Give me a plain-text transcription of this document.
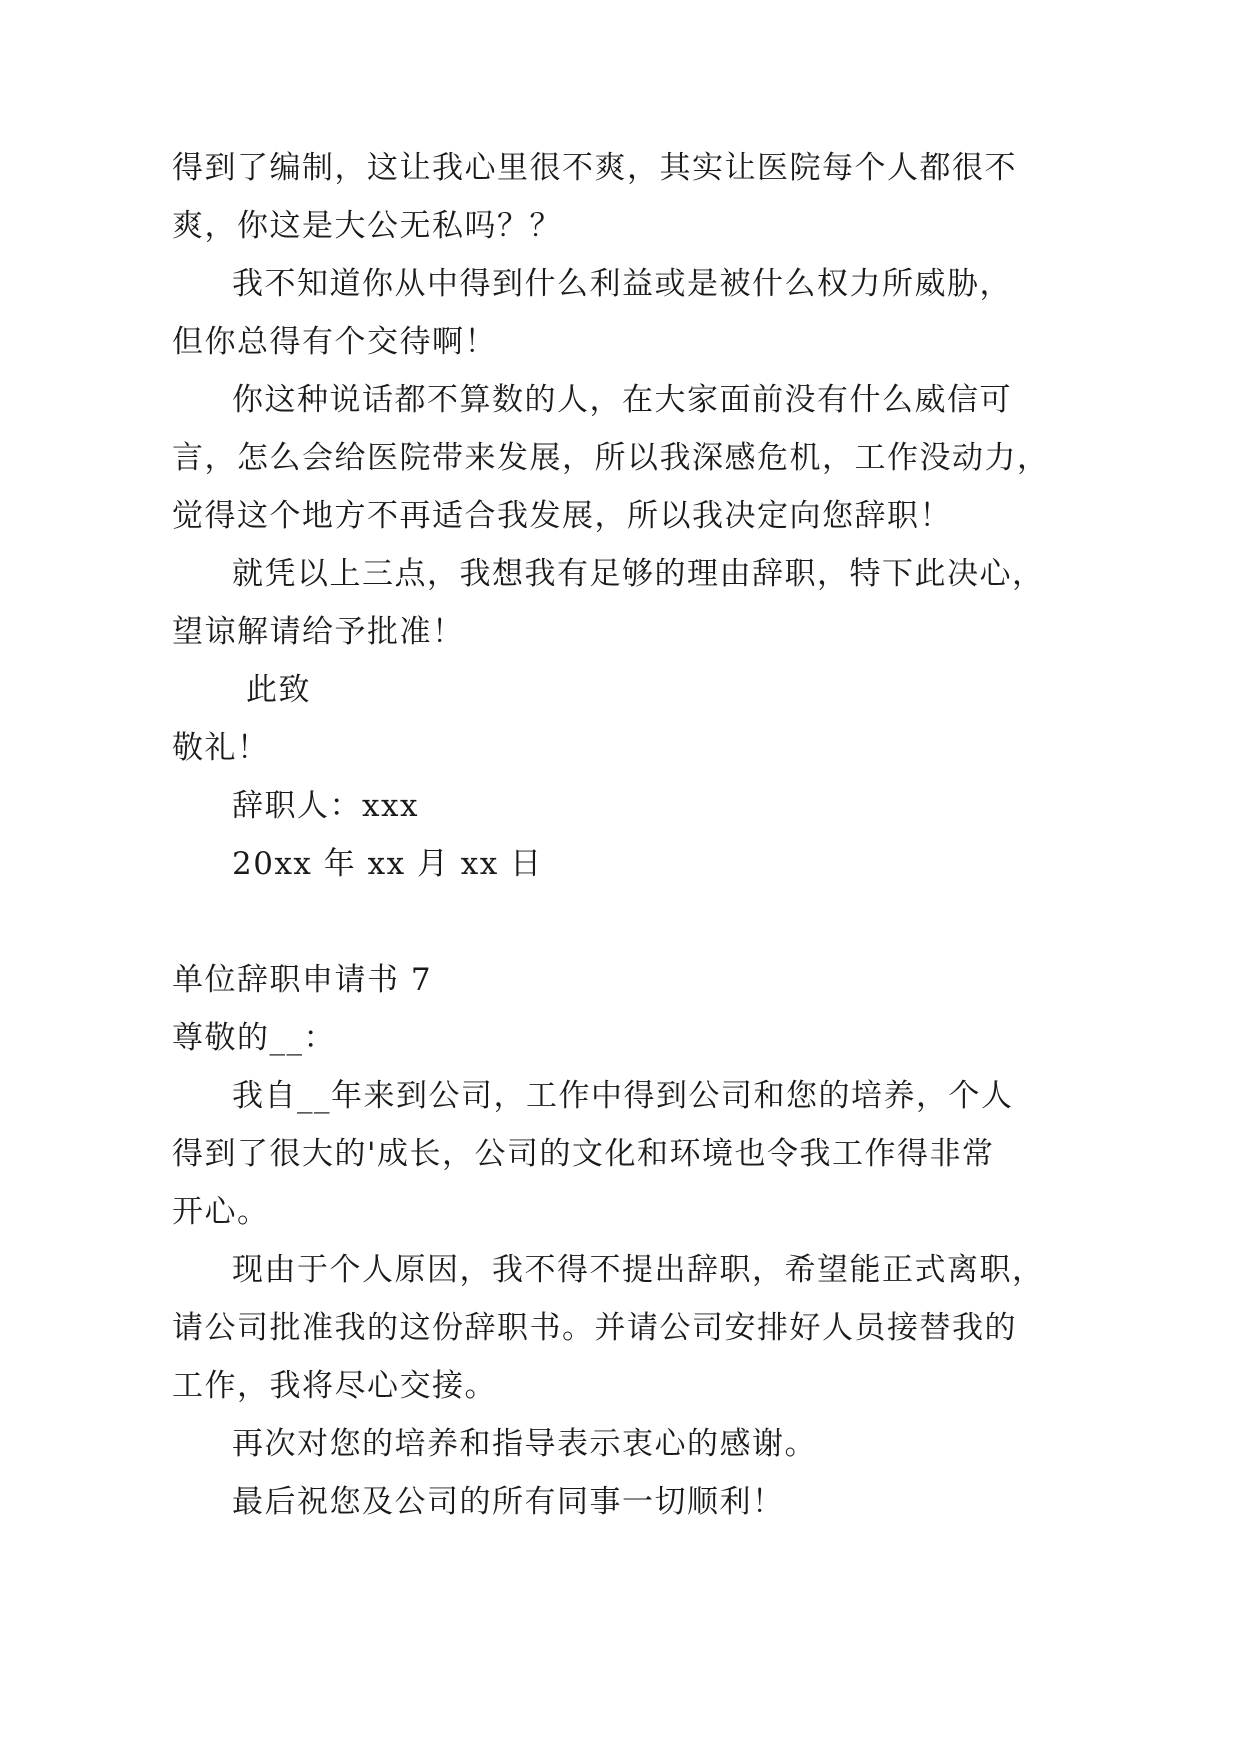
得到了编制，这让我心里很不爽，其实让医院每个人都很不
爽，你这是大公无私吗？？
我不知道你从中得到什么利益或是被什么权力所威胁，
但你总得有个交待啊！
你这种说话都不算数的人，在大家面前没有什么威信可
言，怎么会给医院带来发展，所以我深感危机，工作没动力，
觉得这个地方不再适合我发展，所以我决定向您辞职！
就凭以上三点，我想我有足够的理由辞职，特下此决心，
望谅解请给予批准！
此致
敬礼！
辞职人：xxx
20xx 年 xx 月 xx 日
单位辞职申请书 7
尊敬的__：
我自__年来到公司，工作中得到公司和您的培养，个人
得到了很大的'成长，公司的文化和环境也令我工作得非常
开心。
现由于个人原因，我不得不提出辞职，希望能正式离职，
请公司批准我的这份辞职书。并请公司安排好人员接替我的
工作，我将尽心交接。
再次对您的培养和指导表示衷心的感谢。
最后祝您及公司的所有同事一切顺利！
